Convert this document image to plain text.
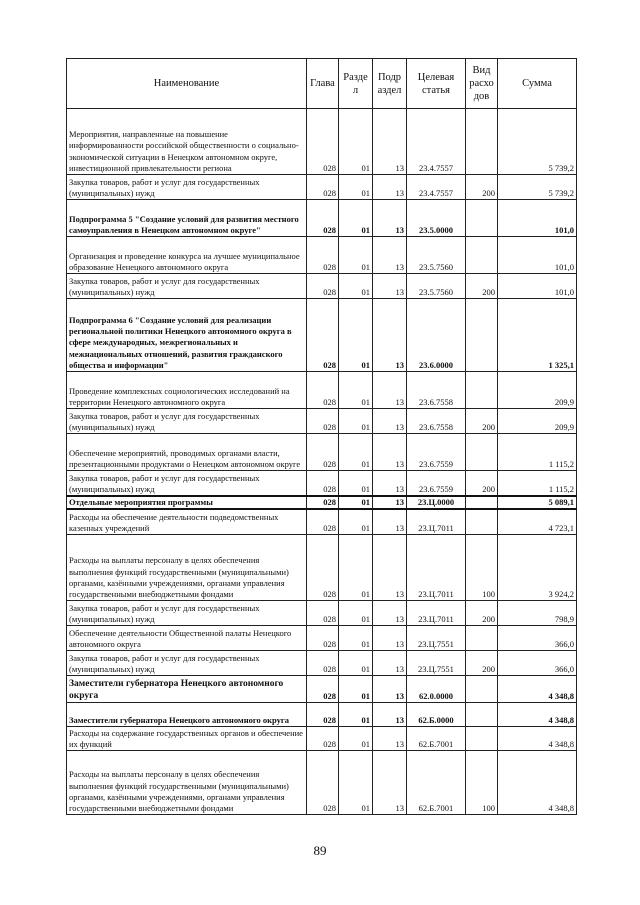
Наименование	Глава	Разде л	Подр аздел	Целевая статья	Вид расхо дов	Сумма
Мероприятия, направленные на повышение информированности российской общественности о социально-экономической ситуации в Ненецком автономном округе, инвестиционной привлекательности региона	028	01	13	23.4.7557		5 739,2
Закупка товаров, работ и услуг для государственных (муниципальных) нужд	028	01	13	23.4.7557	200	5 739,2
Подпрограмма 5 "Создание условий для развития местного самоуправления в Ненецком автономном округе"	028	01	13	23.5.0000		101,0
Организация и проведение конкурса на лучшее муниципальное образование Ненецкого автономного округа	028	01	13	23.5.7560		101,0
Закупка товаров, работ и услуг для государственных (муниципальных) нужд	028	01	13	23.5.7560	200	101,0
Подпрограмма 6 "Создание условий для реализации региональной политики Ненецкого автономного округа в сфере международных, межрегиональных и межнациональных отношений, развития гражданского общества и информации"	028	01	13	23.6.0000		1 325,1
Проведение комплексных социологических исследований на территории Ненецкого автономного округа	028	01	13	23.6.7558		209,9
Закупка товаров, работ и услуг для государственных (муниципальных) нужд	028	01	13	23.6.7558	200	209,9
Обеспечение мероприятий, проводимых органами власти, презентационными продуктами о Ненецком автономном округе	028	01	13	23.6.7559		1 115,2
Закупка товаров, работ и услуг для государственных (муниципальных) нужд	028	01	13	23.6.7559	200	1 115,2
Отдельные мероприятия программы	028	01	13	23.Ц.0000		5 089,1
Расходы на обеспечение деятельности подведомственных казенных учреждений	028	01	13	23.Ц.7011		4 723,1
Расходы на выплаты персоналу в целях обеспечения выполнения функций государственными (муниципальными) органами, казёнными учреждениями, органами управления государственными внебюджетными фондами	028	01	13	23.Ц.7011	100	3 924,2
Закупка товаров, работ и услуг для государственных (муниципальных) нужд	028	01	13	23.Ц.7011	200	798,9
Обеспечение деятельности Общественной палаты Ненецкого автономного округа	028	01	13	23.Ц.7551		366,0
Закупка товаров, работ и услуг для государственных (муниципальных) нужд	028	01	13	23.Ц.7551	200	366,0
Заместители губернатора Ненецкого автономного округа	028	01	13	62.0.0000		4 348,8
Заместители губернатора Ненецкого автономного округа	028	01	13	62.Б.0000		4 348,8
Расходы на содержание государственных органов и обеспечение их функций	028	01	13	62.Б.7001		4 348,8
Расходы на выплаты персоналу в целях обеспечения выполнения функций государственными (муниципальными) органами, казёнными учреждениями, органами управления государственными внебюджетными фондами	028	01	13	62.Б.7001	100	4 348,8
89
